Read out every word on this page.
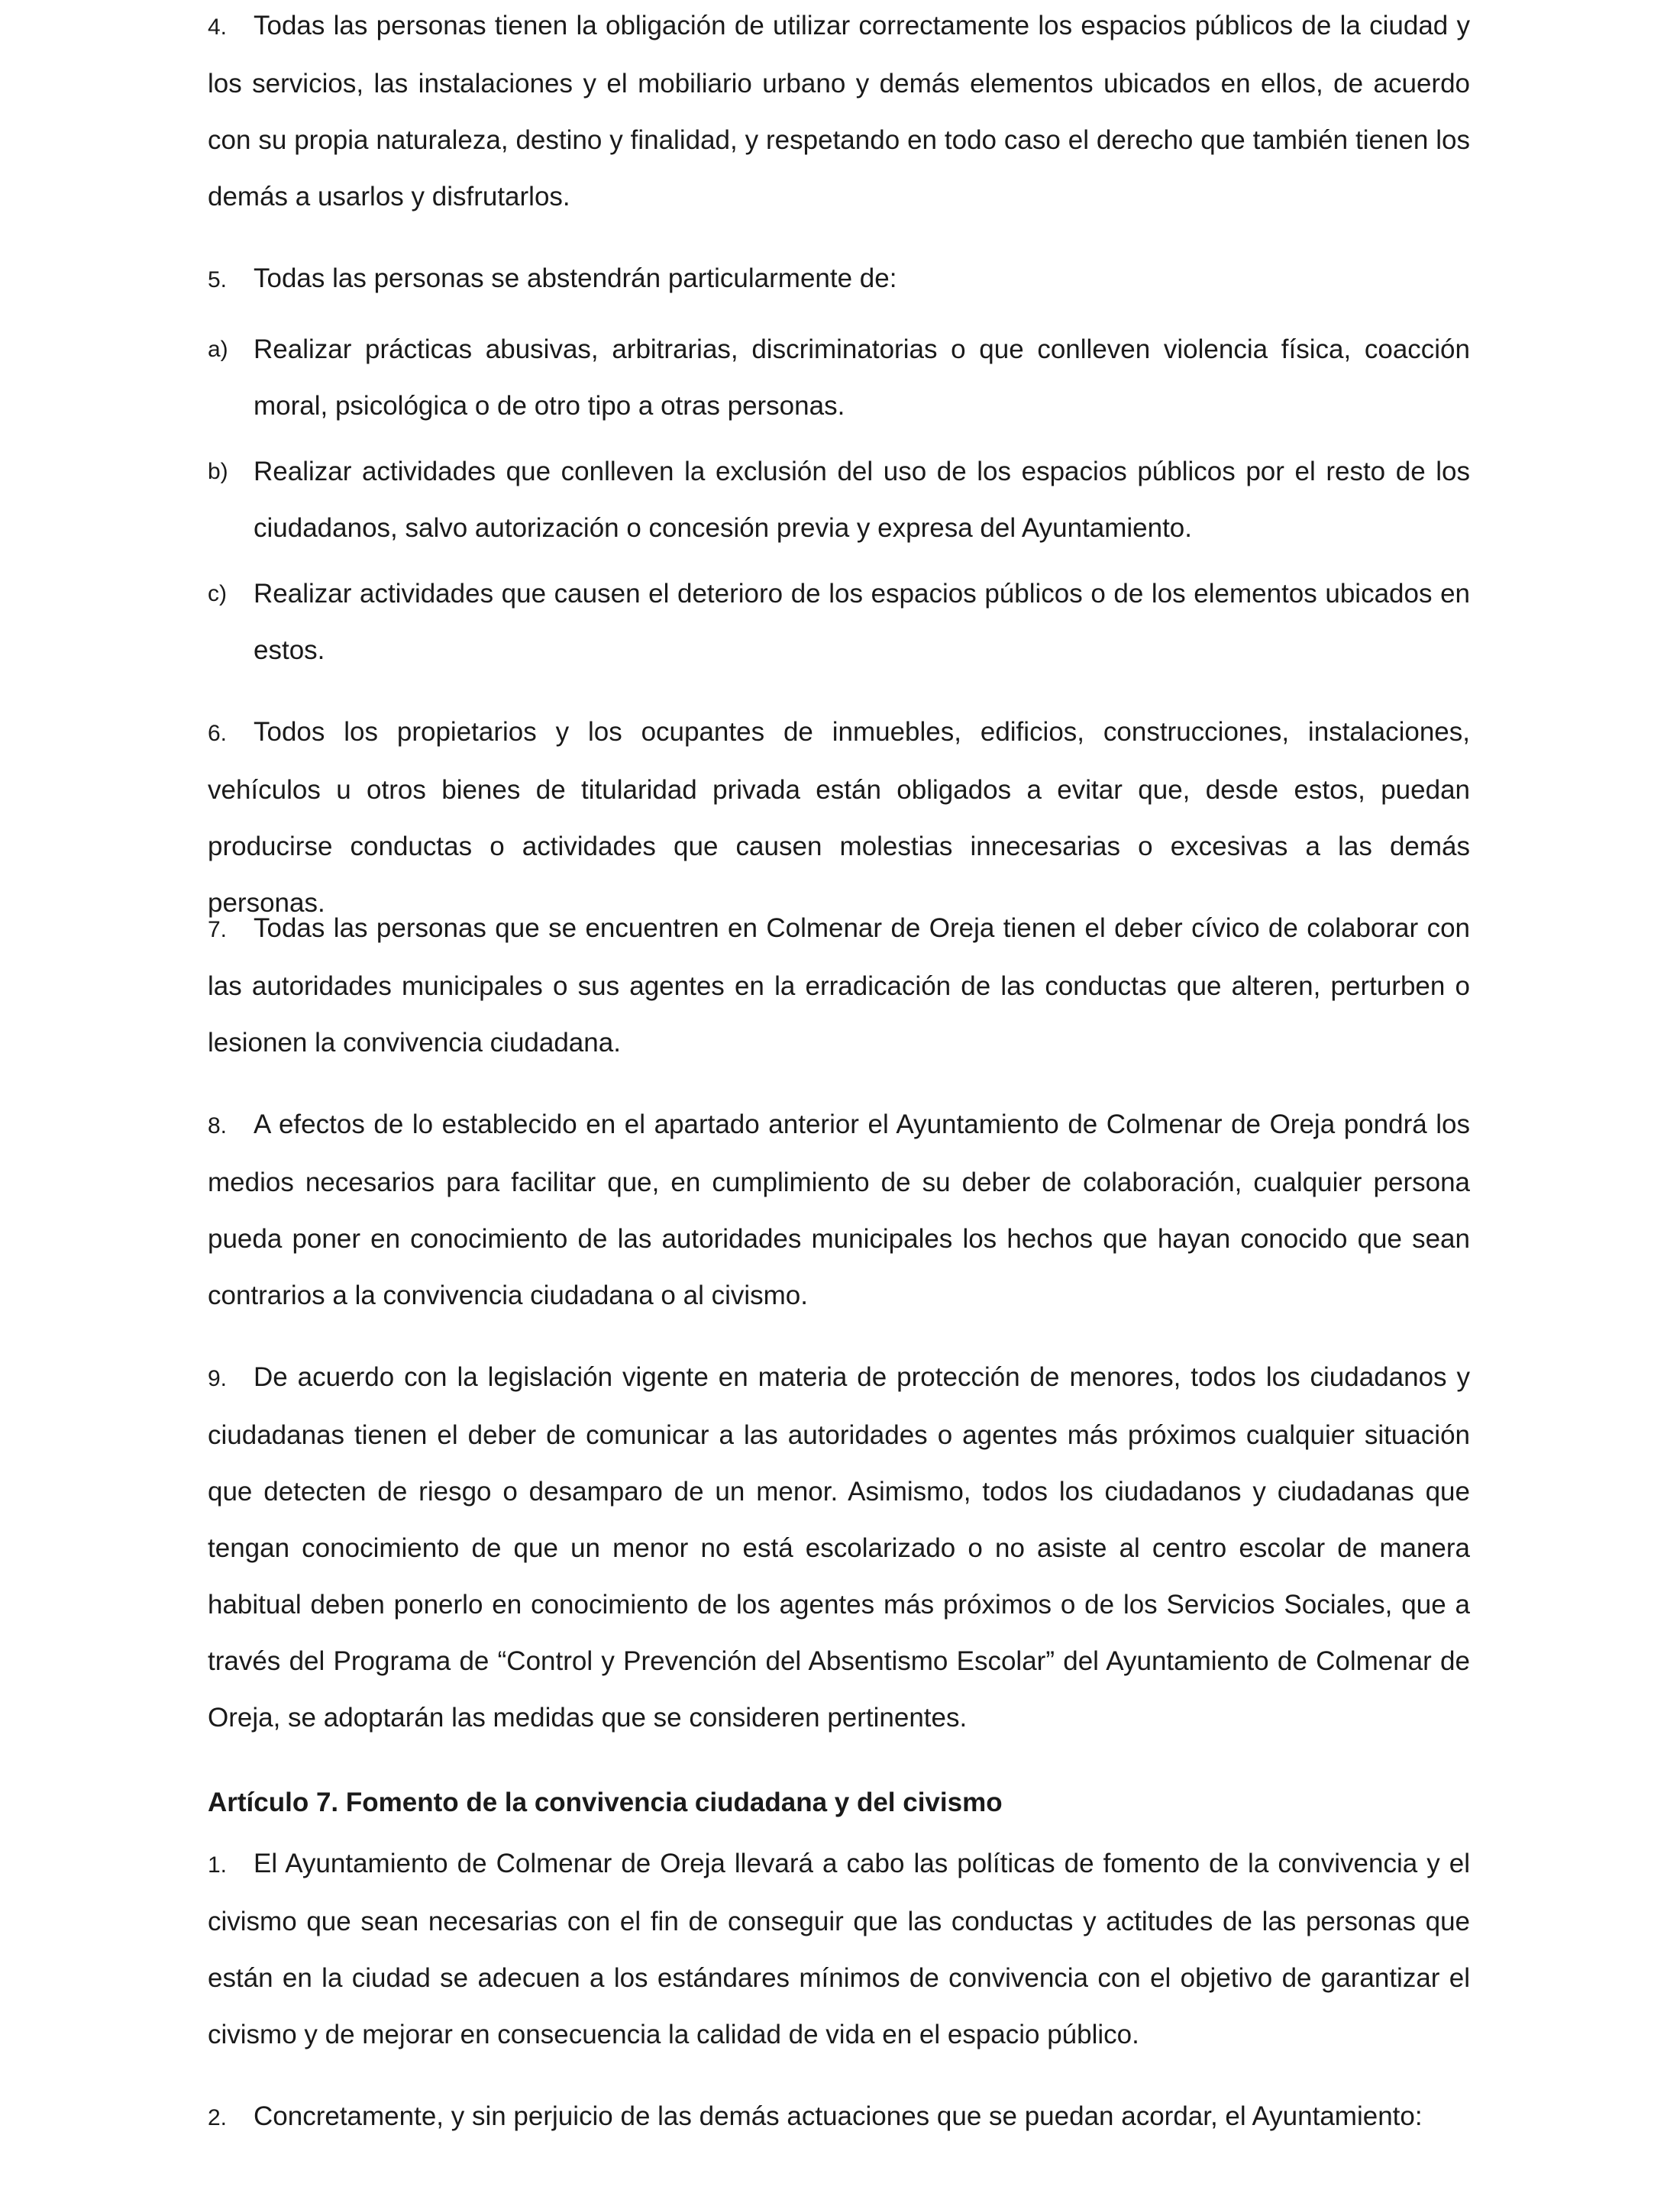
4. Todas las personas tienen la obligación de utilizar correctamente los espacios públicos de la ciudad y los servicios, las instalaciones y el mobiliario urbano y demás elementos ubicados en ellos, de acuerdo con su propia naturaleza, destino y finalidad, y respetando en todo caso el derecho que también tienen los demás a usarlos y disfrutarlos.

5. Todas las personas se abstendrán particularmente de:

a) Realizar prácticas abusivas, arbitrarias, discriminatorias o que conlleven violencia física, coacción moral, psicológica o de otro tipo a otras personas.
b) Realizar actividades que conlleven la exclusión del uso de los espacios públicos por el resto de los ciudadanos, salvo autorización o concesión previa y expresa del Ayuntamiento.
c)	Realizar actividades que causen el deterioro de los espacios públicos o de los elementos ubicados en estos.

6. Todos los propietarios y los ocupantes de inmuebles, edificios, construcciones, instalaciones, vehículos u otros bienes de titularidad privada están obligados a evitar que, desde estos, puedan producirse conductas o actividades que causen molestias innecesarias o excesivas a las demás personas.

7. Todas las personas que se encuentren en Colmenar de Oreja tienen el deber cívico de colaborar con las autoridades municipales o sus agentes en la erradicación de las conductas que alteren, perturben o lesionen la convivencia ciudadana.

8. A efectos de lo establecido en el apartado anterior el Ayuntamiento de Colmenar de Oreja pondrá los medios necesarios para facilitar que, en cumplimiento de su deber de colaboración, cualquier persona pueda poner en conocimiento de las autoridades municipales los hechos que hayan conocido que sean contrarios a la convivencia ciudadana o al civismo.

9. De acuerdo con la legislación vigente en materia de protección de menores, todos los ciudadanos y ciudadanas tienen el deber de comunicar a las autoridades o agentes más próximos cualquier situación que detecten de riesgo o desamparo de un menor. Asimismo, todos los ciudadanos y ciudadanas que tengan conocimiento de que un menor no está escolarizado o no asiste al centro escolar de manera habitual deben ponerlo en conocimiento de los agentes más próximos o de los Servicios Sociales, que a través del Programa de “Control y Prevención del Absentismo Escolar” del Ayuntamiento de Colmenar de Oreja, se adoptarán las medidas que se consideren pertinentes.

Artículo 7. Fomento de la convivencia ciudadana y del civismo

1. El Ayuntamiento de Colmenar de Oreja llevará a cabo las políticas de fomento de la convivencia y el civismo que sean necesarias con el fin de conseguir que las conductas y actitudes de las personas que están en la ciudad se adecuen a los estándares mínimos de convivencia con el objetivo de garantizar el civismo y de mejorar en consecuencia la calidad de vida en el espacio público.

2. Concretamente, y sin perjuicio de las demás actuaciones que se puedan acordar, el Ayuntamiento:
